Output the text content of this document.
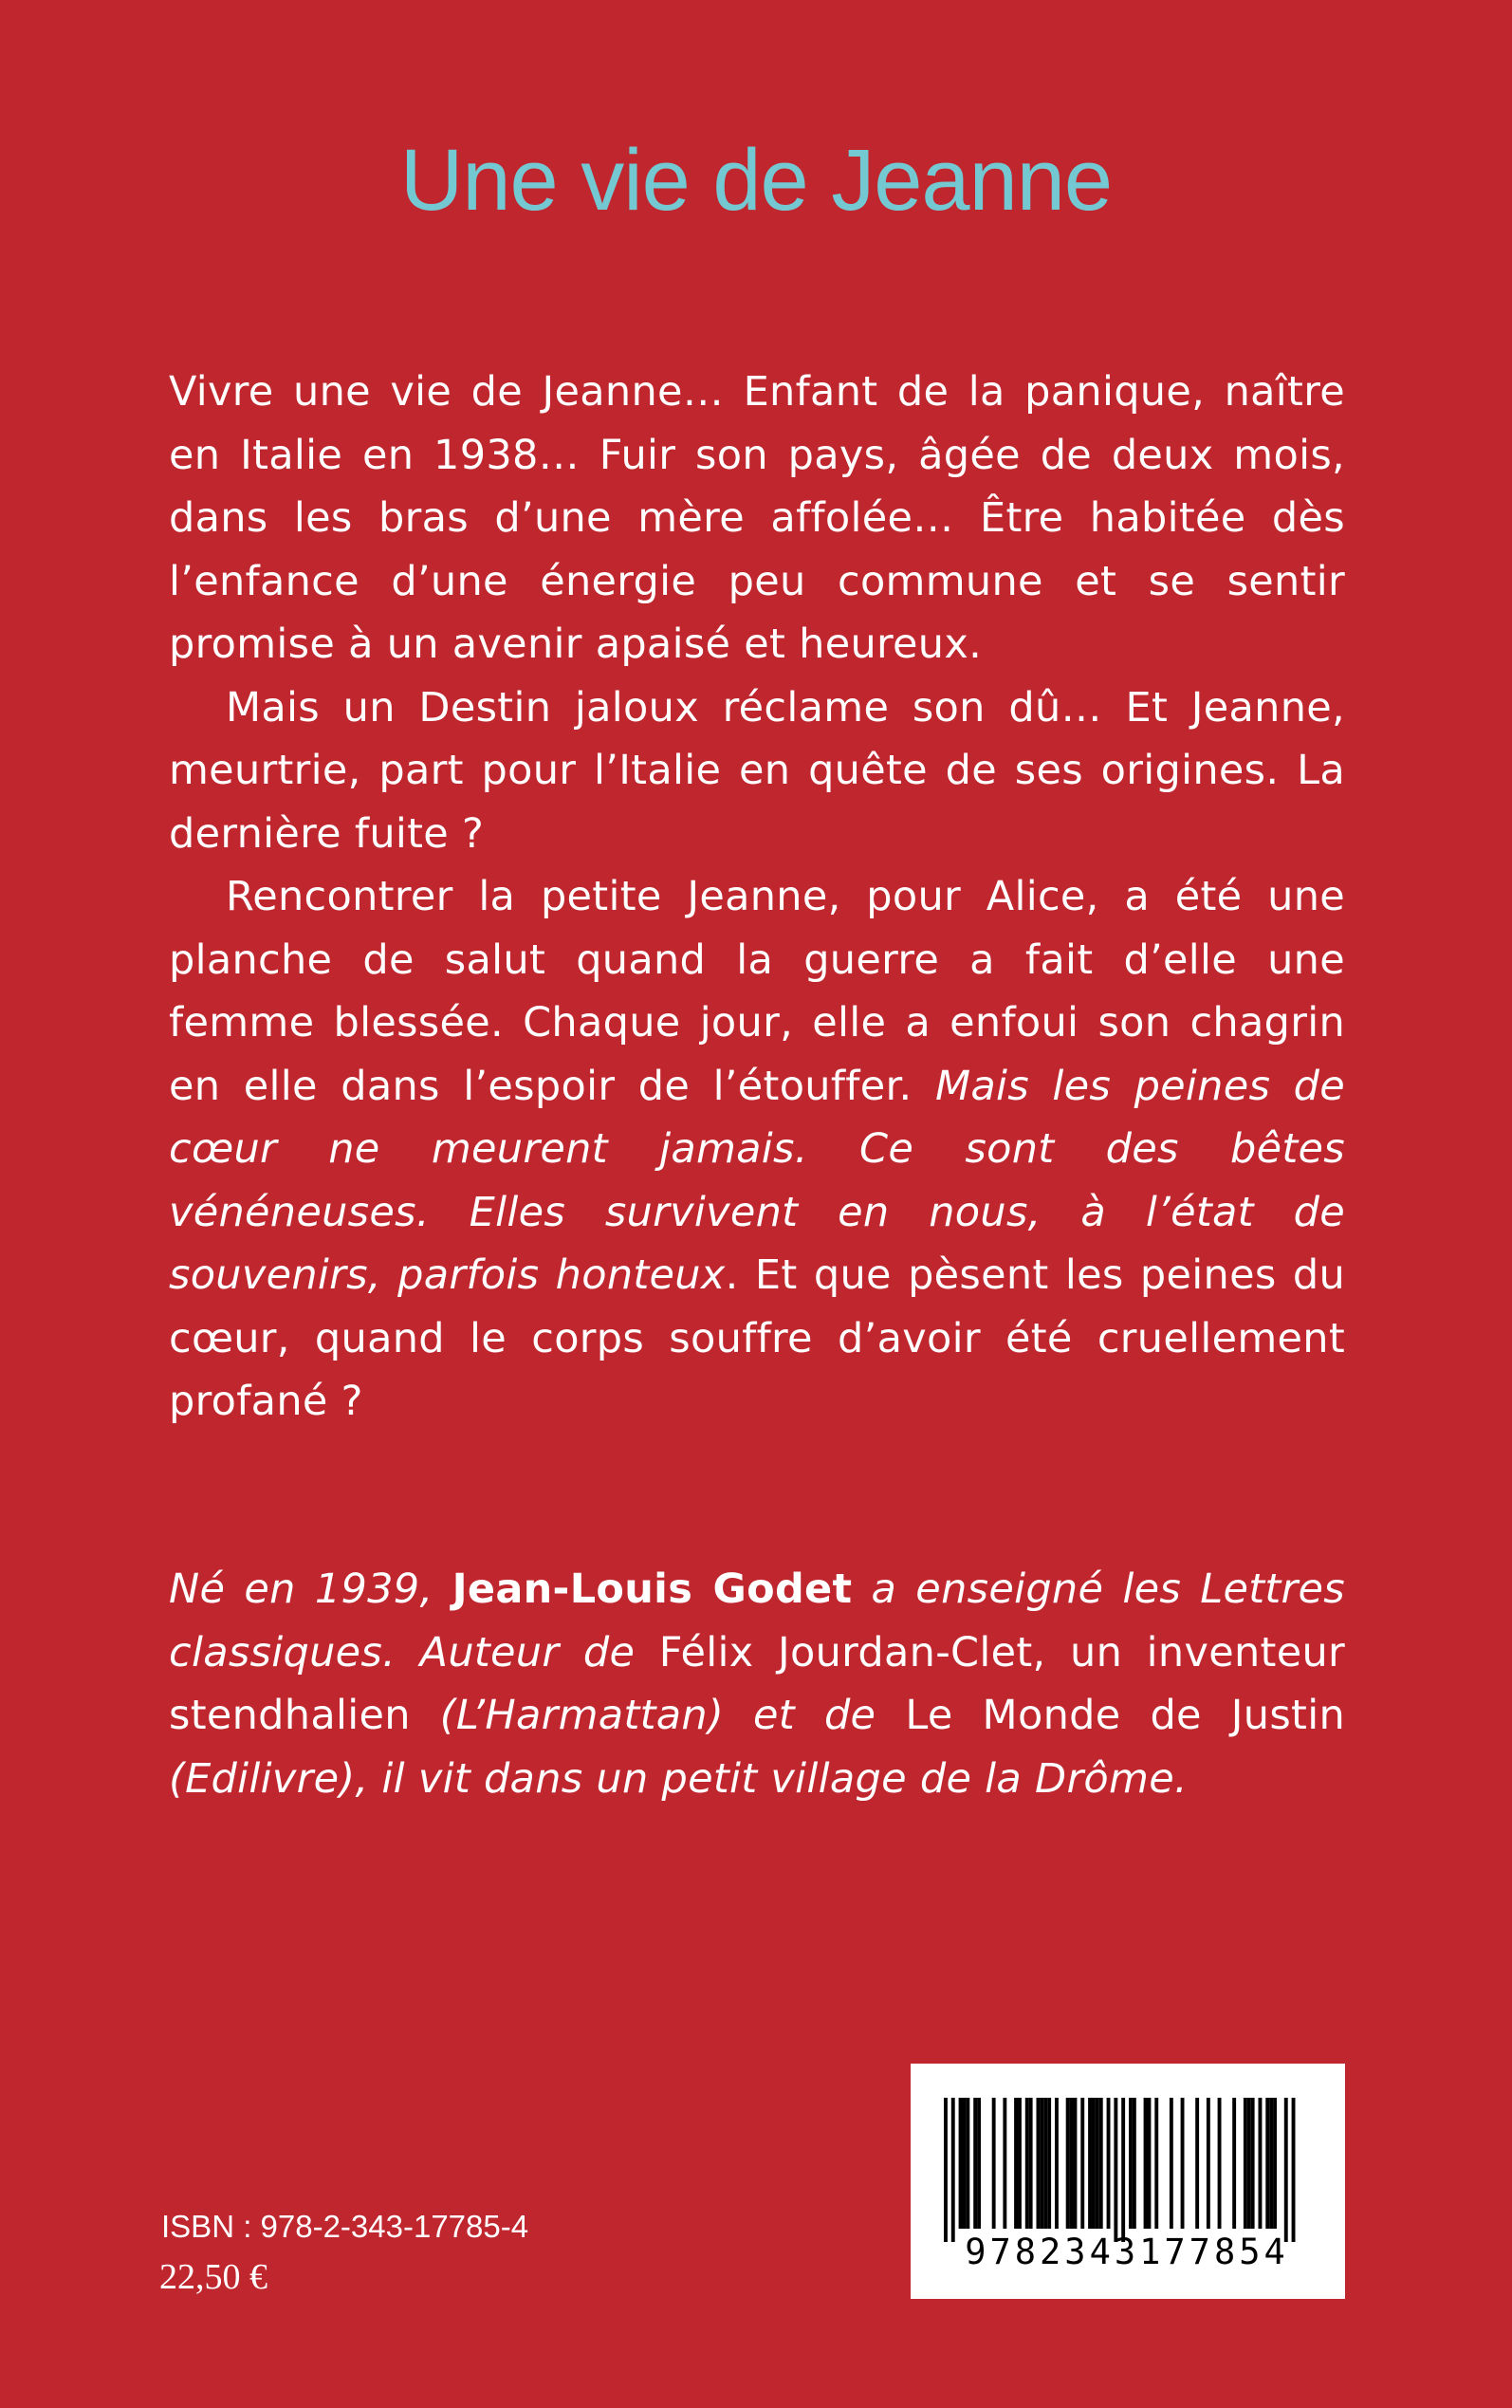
Une vie de Jeanne

Vivre une vie de Jeanne… Enfant de la panique, naître en Italie en 1938… Fuir son pays, âgée de deux mois, dans les bras d’une mère affolée… Être habitée dès l’enfance d’une énergie peu commune et se sentir promise à un avenir apaisé et heureux.

Mais un Destin jaloux réclame son dû… Et Jeanne, meurtrie, part pour l’Italie en quête de ses origines. La dernière fuite ?

Rencontrer la petite Jeanne, pour Alice, a été une planche de salut quand la guerre a fait d’elle une femme blessée. Chaque jour, elle a enfoui son chagrin en elle dans l’espoir de l’étouffer. Mais les peines de cœur ne meurent jamais. Ce sont des bêtes vénéneuses. Elles survivent en nous, à l’état de souvenirs, parfois honteux. Et que pèsent les peines du cœur, quand le corps souffre d’avoir été cruellement profané ?

Né en 1939, Jean-Louis Godet a enseigné les Lettres classiques. Auteur de Félix Jourdan-Clet, un inventeur stendhalien (L’Harmattan) et de Le Monde de Justin (Edilivre), il vit dans un petit village de la Drôme.
ISBN : 978-2-343-17785-4
22,50 €
9782343177854
